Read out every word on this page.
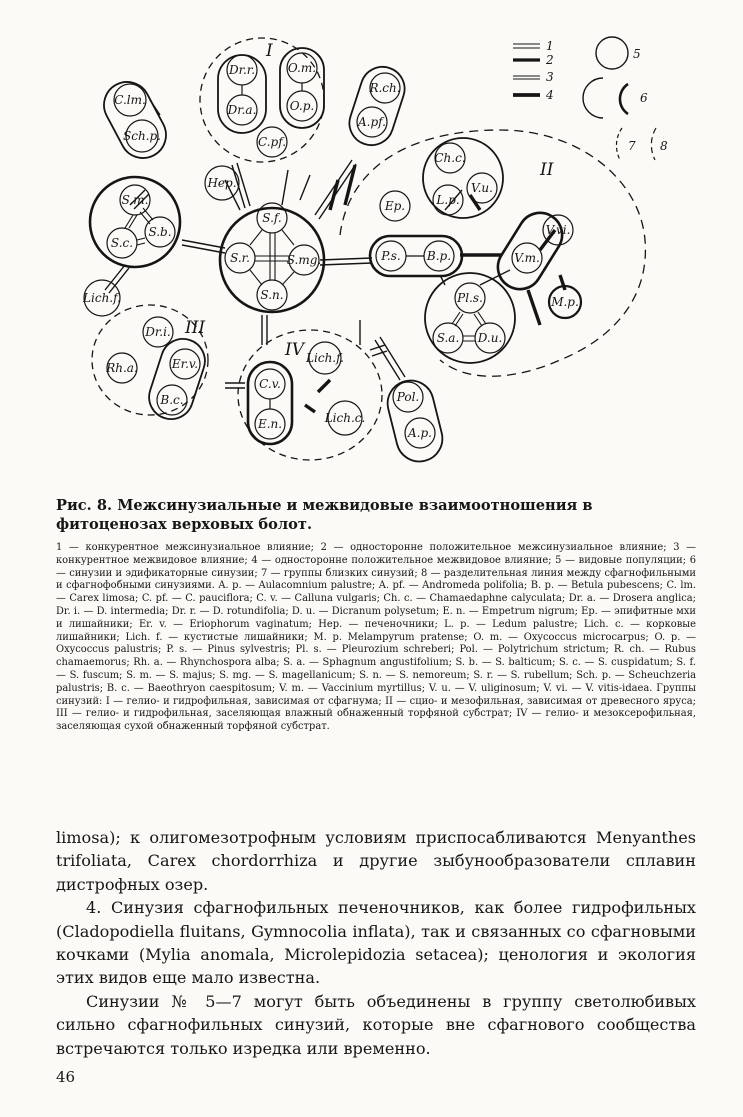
Dr.r.	O.m.
Dr.a.	O.p.
C.pf.
R.ch.
A.pf.
C.lm.
Sch.p.
Hep.
S.m.
S.c.
S.b.
S.f.
S.r.	S.mg.
S.n.
Ch.c.
L.p.
V.u.
Ep.
P.s. B.p.
V.vi.
V.m.
M.p.
Pl.s.
S.a. D.u.
Lich.f.
Dr.i.
Rh.a.	Er.v.
B.c.
Lich.f.
C.v.
E.n.	Lich.c.
Pol.
A.p.
I
II
III
IV
1
2
3
4
5
6
7 8
Рис. 8. Межсинузиальные и межвидовые взаимоотношения в фитоценозах верховых болот.
1 — конкурентное межсинузиальное влияние; 2 — односторонне положительное межсинузиальное влияние; 3 — конкурентное межвидовое влияние; 4 — односторонне положительное межвидовое влияние; 5 — видовые популяции; 6 — синузии и эдификаторные синузии; 7 — группы близких синузий; 8 — разделительная линия между сфагнофильными и сфагнофобными синузиями. A. p. — Aulacomnium palustre; A. pf. — Andromeda polifolia; B. p. — Betula pubescens; C. lm. — Carex limosa; C. pf. — C. pauciflora; C. v. — Calluna vulgaris; Ch. c. — Chamaedaphne calyculata; Dr. a. — Drosera anglica; Dr. i. — D. intermedia; Dr. r. — D. rotundifolia; D. u. — Dicranum polysetum; E. n. — Empetrum nigrum; Ep. — эпифитные мхи и лишайники; Er. v. — Eriophorum vaginatum; Hep. — печеночники; L. p. — Ledum palustre; Lich. c. — корковые лишайники; Lich. f. — кустистые лишайники; M. p. Melampyrum pratense; O. m. — Oxycoccus microcarpus; O. p. — Oxycoccus palustris; P. s. — Pinus sylvestris; Pl. s. — Pleurozium schreberi; Pol. — Polytrichum strictum; R. ch. — Rubus chamaemorus; Rh. a. — Rhynchospora alba; S. a. — Sphagnum angustifolium; S. b. — S. balticum; S. c. — S. cuspidatum; S. f. — S. fuscum; S. m. — S. majus; S. mg. — S. magellanicum; S. n. — S. nemoreum; S. r. — S. rubellum; Sch. p. — Scheuchzeria palustris; B. c. — Baeothryon caespitosum; V. m. — Vaccinium myrtillus; V. u. — V. uliginosum; V. vi. — V. vitis-idaea. Группы синузий: I — гелио- и гидрофильная, зависимая от сфагнума; II — сцио- и мезофильная, зависимая от древесного яруса; III — гелио- и гидрофильная, заселяющая влажный обнаженный торфяной субстрат; IV — гелио- и мезоксерофильная, заселяющая сухой обнаженный торфяной субстрат.

limosa); к олигомезотрофным условиям приспосабливаются Menyanthes trifoliata, Carex chordorrhiza и другие зыбунообразователи сплавин дистрофных озер.

4. Синузия сфагнофильных печеночников, как более гидрофильных (Cladopodiella fluitans, Gymnocolia inflata), так и связанных со сфагновыми кочками (Mylia anomala, Microlepidozia setacea); ценология и экология этих видов еще мало известна.

Синузии № 5—7 могут быть объединены в группу светолюбивых сильно сфагнофильных синузий, которые вне сфагнового сообщества встречаются только изредка или временно.

46
